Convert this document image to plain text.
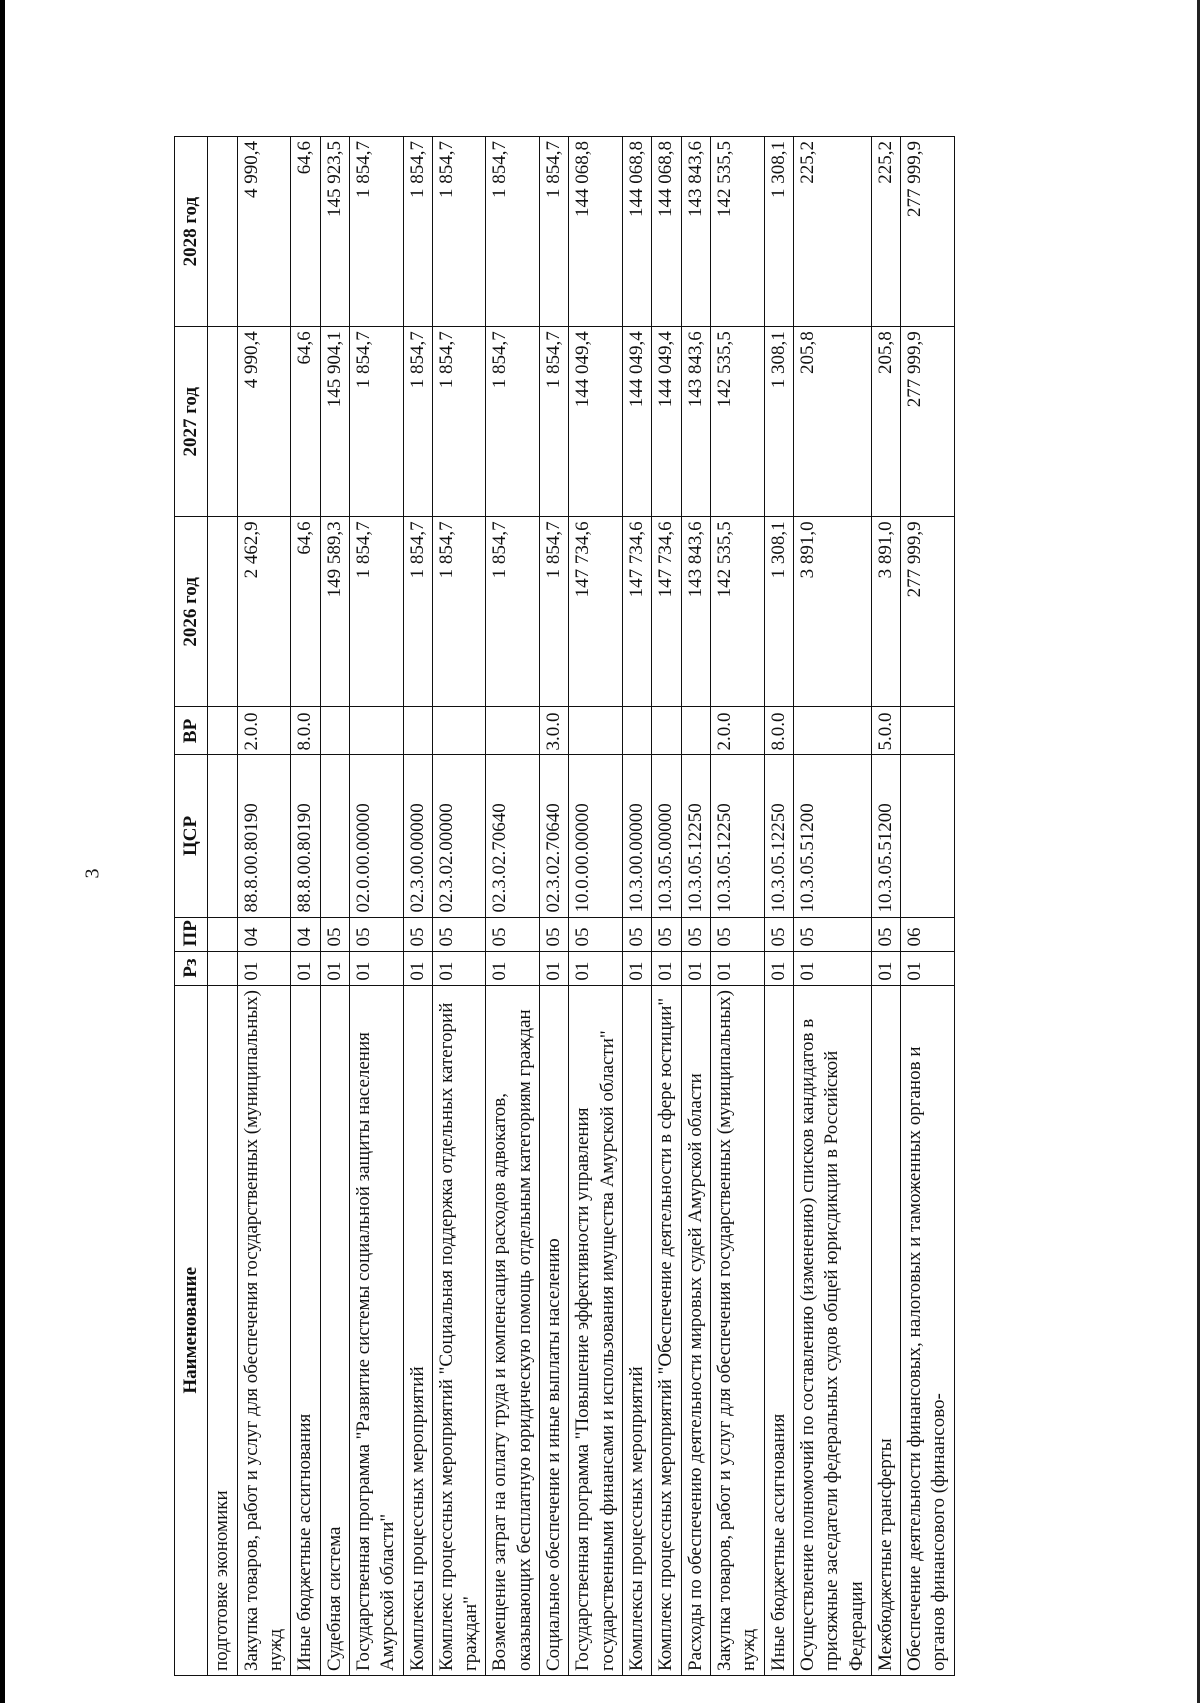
3
Наименование	Рз	ПР	ЦСР	ВР	2026 год	2027 год	2028 год
подготовке экономики							
Закупка товаров, работ и услуг для обеспечения государственных (муниципальных) нужд	01	04	88.8.00.80190	2.0.0	2 462,9	4 990,4	4 990,4
Иные бюджетные ассигнования	01	04	88.8.00.80190	8.0.0	64,6	64,6	64,6
Судебная система	01	05			149 589,3	145 904,1	145 923,5
Государственная программа "Развитие системы социальной защиты населения Амурской области"	01	05	02.0.00.00000		1 854,7	1 854,7	1 854,7
Комплексы процессных мероприятий	01	05	02.3.00.00000		1 854,7	1 854,7	1 854,7
Комплекс процессных мероприятий "Социальная поддержка отдельных категорий граждан"	01	05	02.3.02.00000		1 854,7	1 854,7	1 854,7
Возмещение затрат на оплату труда и компенсация расходов адвокатов, оказывающих бесплатную юридическую помощь отдельным категориям граждан	01	05	02.3.02.70640		1 854,7	1 854,7	1 854,7
Социальное обеспечение и иные выплаты населению	01	05	02.3.02.70640	3.0.0	1 854,7	1 854,7	1 854,7
Государственная программа "Повышение эффективности управления государственными финансами и использования имущества Амурской области"	01	05	10.0.00.00000		147 734,6	144 049,4	144 068,8
Комплексы процессных мероприятий	01	05	10.3.00.00000		147 734,6	144 049,4	144 068,8
Комплекс процессных мероприятий "Обеспечение деятельности в сфере юстиции"	01	05	10.3.05.00000		147 734,6	144 049,4	144 068,8
Расходы по обеспечению деятельности мировых судей Амурской области	01	05	10.3.05.12250		143 843,6	143 843,6	143 843,6
Закупка товаров, работ и услуг для обеспечения государственных (муниципальных) нужд	01	05	10.3.05.12250	2.0.0	142 535,5	142 535,5	142 535,5
Иные бюджетные ассигнования	01	05	10.3.05.12250	8.0.0	1 308,1	1 308,1	1 308,1
Осуществление полномочий по составлению (изменению) списков кандидатов в присяжные заседатели федеральных судов общей юрисдикции в Российской Федерации	01	05	10.3.05.51200		3 891,0	205,8	225,2
Межбюджетные трансферты	01	05	10.3.05.51200	5.0.0	3 891,0	205,8	225,2
Обеспечение деятельности финансовых, налоговых и таможенных органов и органов финансового (финансово-	01	06			277 999,9	277 999,9	277 999,9
